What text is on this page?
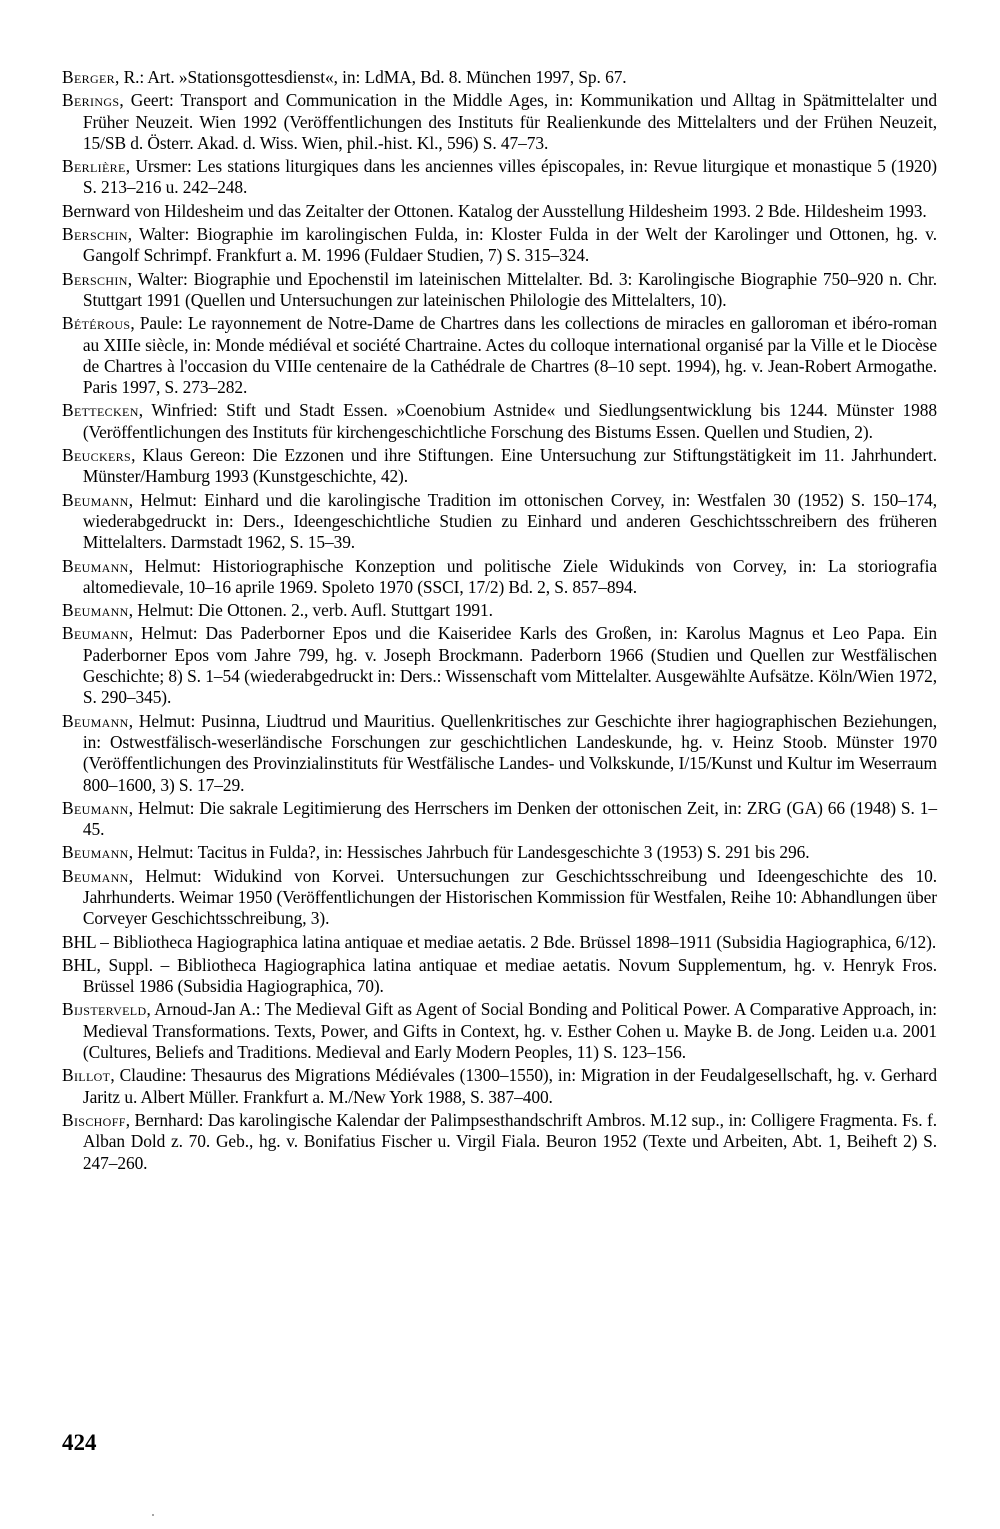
Berger, R.: Art. »Stationsgottesdienst«, in: LdMA, Bd. 8. München 1997, Sp. 67.

Berings, Geert: Transport and Communication in the Middle Ages, in: Kommunikation und Alltag in Spätmittelalter und Früher Neuzeit. Wien 1992 (Veröffentlichungen des Instituts für Realienkunde des Mittelalters und der Frühen Neuzeit, 15/SB d. Österr. Akad. d. Wiss. Wien, phil.-hist. Kl., 596) S. 47–73.

Berlière, Ursmer: Les stations liturgiques dans les anciennes villes épiscopales, in: Revue liturgique et monastique 5 (1920) S. 213–216 u. 242–248.

Bernward von Hildesheim und das Zeitalter der Ottonen. Katalog der Ausstellung Hildesheim 1993. 2 Bde. Hildesheim 1993.

Berschin, Walter: Biographie im karolingischen Fulda, in: Kloster Fulda in der Welt der Karolinger und Ottonen, hg. v. Gangolf Schrimpf. Frankfurt a. M. 1996 (Fuldaer Studien, 7) S. 315–324.

Berschin, Walter: Biographie und Epochenstil im lateinischen Mittelalter. Bd. 3: Karolingische Biographie 750–920 n. Chr. Stuttgart 1991 (Quellen und Untersuchungen zur lateinischen Philologie des Mittelalters, 10).

Bétérous, Paule: Le rayonnement de Notre-Dame de Chartres dans les collections de miracles en galloroman et ibéro-roman au XIIIe siècle, in: Monde médiéval et société Chartraine. Actes du colloque international organisé par la Ville et le Diocèse de Chartres à l'occasion du VIIIe centenaire de la Cathédrale de Chartres (8–10 sept. 1994), hg. v. Jean-Robert Armogathe. Paris 1997, S. 273–282.

Bettecken, Winfried: Stift und Stadt Essen. »Coenobium Astnide« und Siedlungsentwicklung bis 1244. Münster 1988 (Veröffentlichungen des Instituts für kirchengeschichtliche Forschung des Bistums Essen. Quellen und Studien, 2).

Beuckers, Klaus Gereon: Die Ezzonen und ihre Stiftungen. Eine Untersuchung zur Stiftungstätigkeit im 11. Jahrhundert. Münster/Hamburg 1993 (Kunstgeschichte, 42).

Beumann, Helmut: Einhard und die karolingische Tradition im ottonischen Corvey, in: Westfalen 30 (1952) S. 150–174, wiederabgedruckt in: Ders., Ideengeschichtliche Studien zu Einhard und anderen Geschichtsschreibern des früheren Mittelalters. Darmstadt 1962, S. 15–39.

Beumann, Helmut: Historiographische Konzeption und politische Ziele Widukinds von Corvey, in: La storiografia altomedievale, 10–16 aprile 1969. Spoleto 1970 (SSCI, 17/2) Bd. 2, S. 857–894.

Beumann, Helmut: Die Ottonen. 2., verb. Aufl. Stuttgart 1991.

Beumann, Helmut: Das Paderborner Epos und die Kaiseridee Karls des Großen, in: Karolus Magnus et Leo Papa. Ein Paderborner Epos vom Jahre 799, hg. v. Joseph Brockmann. Paderborn 1966 (Studien und Quellen zur Westfälischen Geschichte; 8) S. 1–54 (wiederabgedruckt in: Ders.: Wissenschaft vom Mittelalter. Ausgewählte Aufsätze. Köln/Wien 1972, S. 290–345).

Beumann, Helmut: Pusinna, Liudtrud und Mauritius. Quellenkritisches zur Geschichte ihrer hagiographischen Beziehungen, in: Ostwestfälisch-weserländische Forschungen zur geschichtlichen Landeskunde, hg. v. Heinz Stoob. Münster 1970 (Veröffentlichungen des Provinzialinstituts für Westfälische Landes- und Volkskunde, I/15/Kunst und Kultur im Weserraum 800–1600, 3) S. 17–29.

Beumann, Helmut: Die sakrale Legitimierung des Herrschers im Denken der ottonischen Zeit, in: ZRG (GA) 66 (1948) S. 1–45.

Beumann, Helmut: Tacitus in Fulda?, in: Hessisches Jahrbuch für Landesgeschichte 3 (1953) S. 291 bis 296.

Beumann, Helmut: Widukind von Korvei. Untersuchungen zur Geschichtsschreibung und Ideengeschichte des 10. Jahrhunderts. Weimar 1950 (Veröffentlichungen der Historischen Kommission für Westfalen, Reihe 10: Abhandlungen über Corveyer Geschichtsschreibung, 3).

BHL – Bibliotheca Hagiographica latina antiquae et mediae aetatis. 2 Bde. Brüssel 1898–1911 (Subsidia Hagiographica, 6/12).

BHL, Suppl. – Bibliotheca Hagiographica latina antiquae et mediae aetatis. Novum Supplementum, hg. v. Henryk Fros. Brüssel 1986 (Subsidia Hagiographica, 70).

Bijsterveld, Arnoud-Jan A.: The Medieval Gift as Agent of Social Bonding and Political Power. A Comparative Approach, in: Medieval Transformations. Texts, Power, and Gifts in Context, hg. v. Esther Cohen u. Mayke B. de Jong. Leiden u.a. 2001 (Cultures, Beliefs and Traditions. Medieval and Early Modern Peoples, 11) S. 123–156.

Billot, Claudine: Thesaurus des Migrations Médiévales (1300–1550), in: Migration in der Feudalgesellschaft, hg. v. Gerhard Jaritz u. Albert Müller. Frankfurt a. M./New York 1988, S. 387–400.

Bischoff, Bernhard: Das karolingische Kalendar der Palimpsesthandschrift Ambros. M.12 sup., in: Colligere Fragmenta. Fs. f. Alban Dold z. 70. Geb., hg. v. Bonifatius Fischer u. Virgil Fiala. Beuron 1952 (Texte und Arbeiten, Abt. 1, Beiheft 2) S. 247–260.

424
